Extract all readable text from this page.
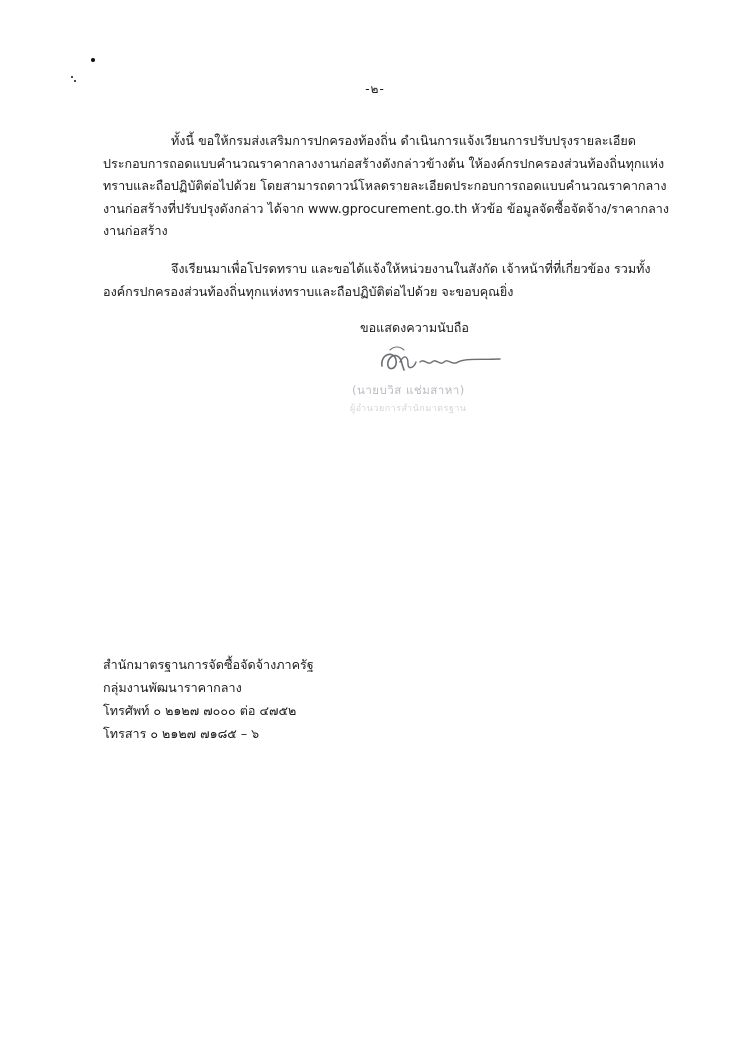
-๒-

ทั้งนี้ ขอให้กรมส่งเสริมการปกครองท้องถิ่น ดำเนินการแจ้งเวียนการปรับปรุงรายละเอียด
ประกอบการถอดแบบคำนวณราคากลางงานก่อสร้างดังกล่าวข้างต้น ให้องค์กรปกครองส่วนท้องถิ่นทุกแห่ง
ทราบและถือปฏิบัติต่อไปด้วย โดยสามารถดาวน์โหลดรายละเอียดประกอบการถอดแบบคำนวณราคากลาง
งานก่อสร้างที่ปรับปรุงดังกล่าว ได้จาก www.gprocurement.go.th หัวข้อ ข้อมูลจัดซื้อจัดจ้าง/ราคากลาง
งานก่อสร้าง

จึงเรียนมาเพื่อโปรดทราบ และขอได้แจ้งให้หน่วยงานในสังกัด เจ้าหน้าที่ที่เกี่ยวข้อง รวมทั้ง
องค์กรปกครองส่วนท้องถิ่นทุกแห่งทราบและถือปฏิบัติต่อไปด้วย จะขอบคุณยิ่ง

ขอแสดงความนับถือ
(นายบวิส แช่มสาหา)
ผู้อำนวยการสำนักมาตรฐาน
สำนักมาตรฐานการจัดซื้อจัดจ้างภาครัฐ
กลุ่มงานพัฒนาราคากลาง
โทรศัพท์ ๐ ๒๑๒๗ ๗๐๐๐ ต่อ ๔๗๕๒
โทรสาร ๐ ๒๑๒๗ ๗๑๘๕ – ๖
